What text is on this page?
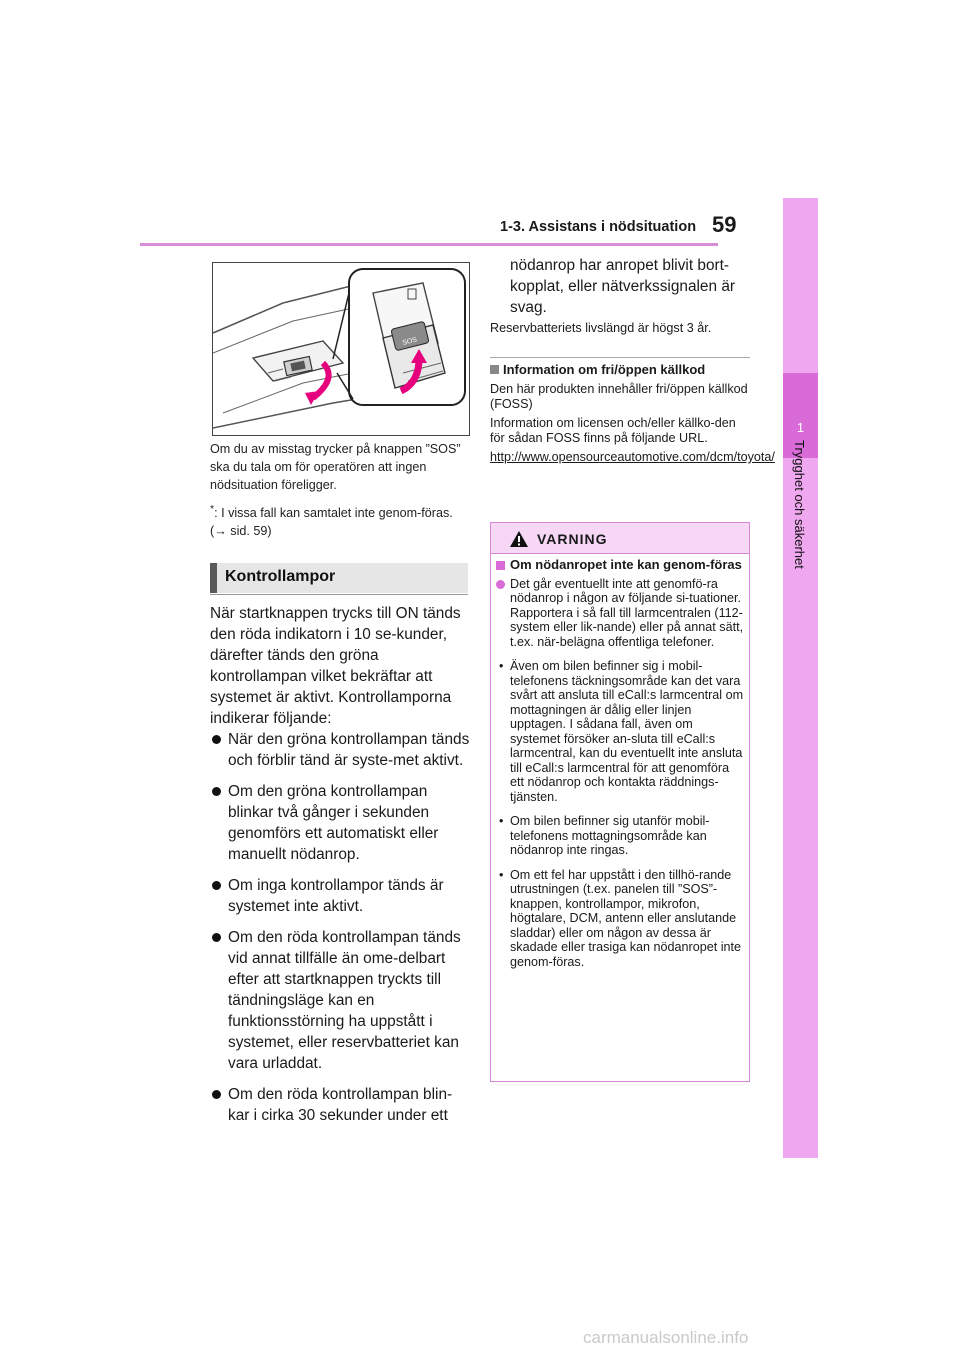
1-3. Assistans i nödsituation 59
1
Trygghet och säkerhet
SOS
Om du av misstag trycker på knappen ”SOS” ska du tala om för operatören att ingen nödsituation föreligger.
*: I vissa fall kan samtalet inte genom-föras. (→ sid. 59)
Kontrollampor
När startknappen trycks till ON tänds den röda indikatorn i 10 se-kunder, därefter tänds den gröna kontrollampan vilket bekräftar att systemet är aktivt. Kontrollamporna indikerar följande:
När den gröna kontrollampan tänds och förblir tänd är syste-met aktivt.
Om den gröna kontrollampan blinkar två gånger i sekunden genomförs ett automatiskt eller manuellt nödanrop.
Om inga kontrollampor tänds är systemet inte aktivt.
Om den röda kontrollampan tänds vid annat tillfälle än ome-delbart efter att startknappen tryckts till tändningsläge kan en funktionsstörning ha uppstått i systemet, eller reservbatteriet kan vara urladdat.
Om den röda kontrollampan blin-kar i cirka 30 sekunder under ett
nödanrop har anropet blivit bort-kopplat, eller nätverkssignalen är svag.
Reservbatteriets livslängd är högst 3 år.
Information om fri/öppen källkod

Den här produkten innehåller fri/öppen källkod (FOSS)

Information om licensen och/eller källko-den för sådan FOSS finns på följande URL.

http://www.opensourceautomotive.com/dcm/toyota/

VARNING
Om nödanropet inte kan genom-föras
Det går eventuellt inte att genomfö-ra nödanrop i någon av följande si-tuationer. Rapportera i så fall till larmcentralen (112-system eller lik-nande) eller på annat sätt, t.ex. när-belägna offentliga telefoner.
• Även om bilen befinner sig i mobil-telefonens täckningsområde kan det vara svårt att ansluta till eCall:s larmcentral om mottagningen är dålig eller linjen upptagen. I sådana fall, även om systemet försöker an-sluta till eCall:s larmcentral, kan du eventuellt inte ansluta till eCall:s larmcentral för att genomföra ett nödanrop och kontakta räddnings-tjänsten.
• Om bilen befinner sig utanför mobil-telefonens mottagningsområde kan nödanrop inte ringas.
• Om ett fel har uppstått i den tillhö-rande utrustningen (t.ex. panelen till ”SOS”-knappen, kontrollampor, mikrofon, högtalare, DCM, antenn eller anslutande sladdar) eller om någon av dessa är skadade eller trasiga kan nödanropet inte genom-föras.
carmanualsonline.info
